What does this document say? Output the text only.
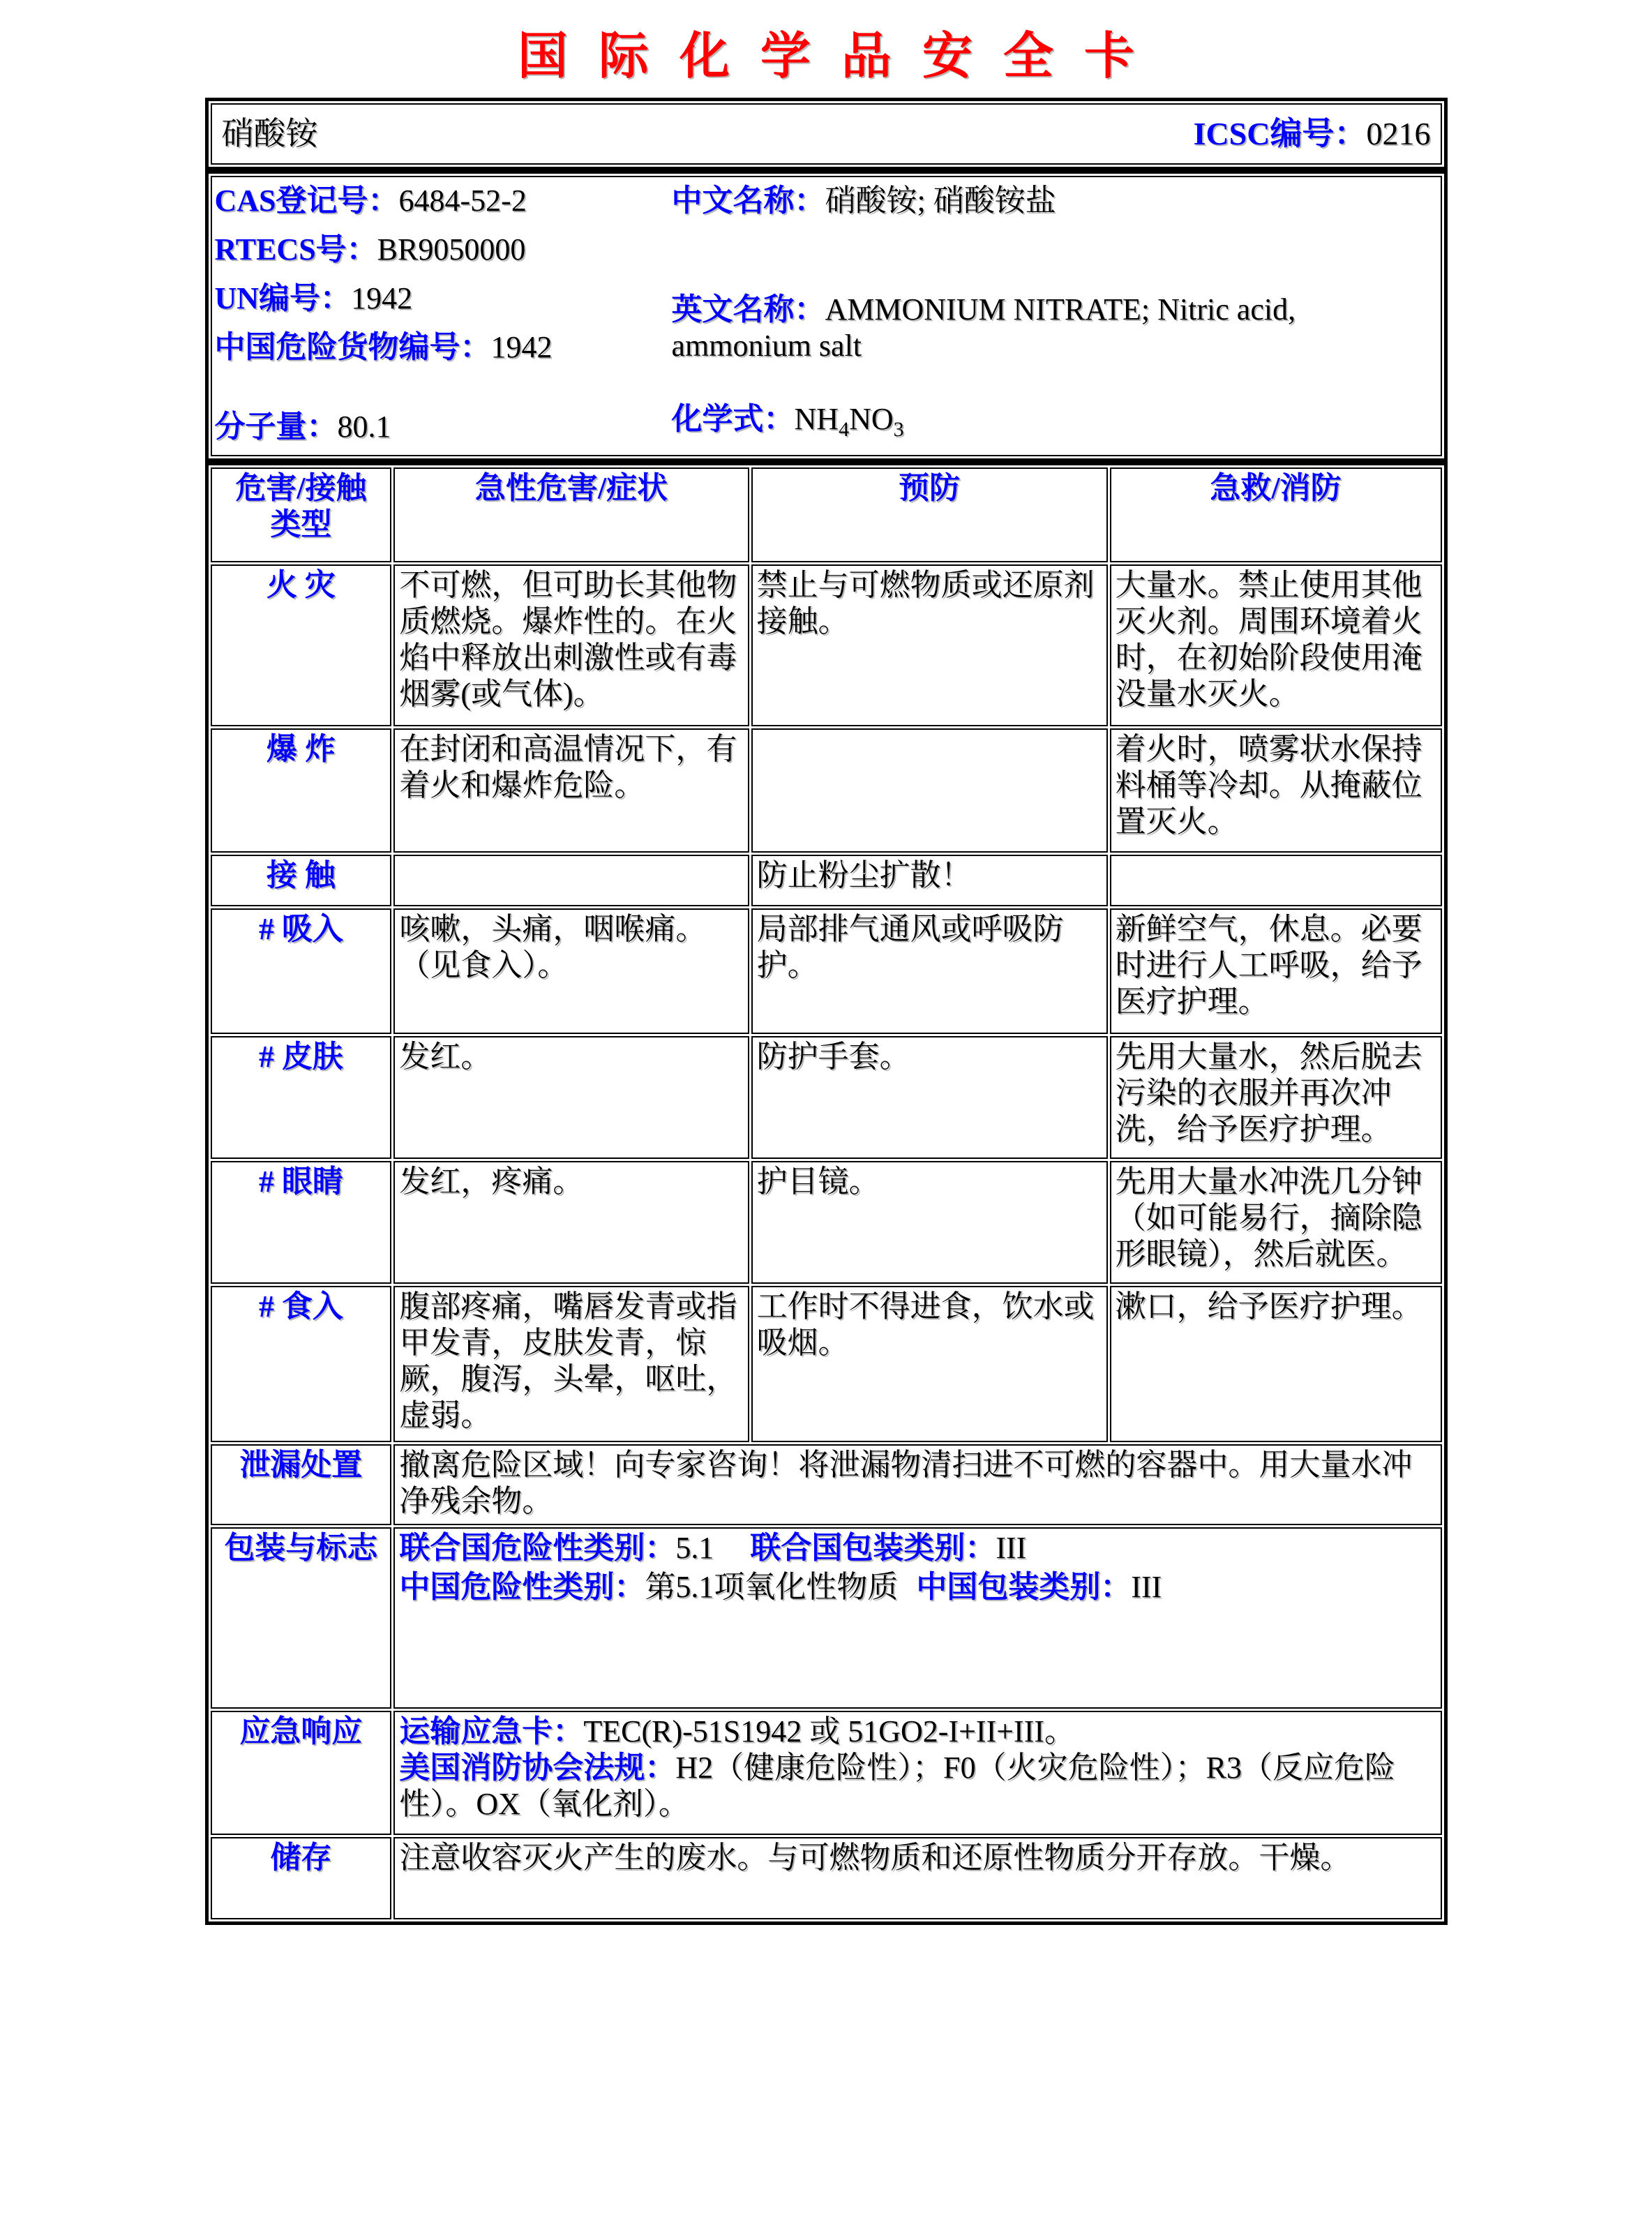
国际化学品安全卡
硝酸铵	ICSC编号：0216
CAS登记号：6484-52-2
RTECS号：BR9050000
UN编号：1942
中国危险货物编号：1942
分子量：80.1
中文名称：硝酸铵; 硝酸铵盐
英文名称：AMMONIUM NITRATE; Nitric acid, ammonium salt
化学式：$NH_4NO_3$
危害/接触
类型	急性危害/症状	预防	急救/消防
火 灾	不可燃，但可助长其他物质燃烧。爆炸性的。在火焰中释放出刺激性或有毒烟雾(或气体)。	禁止与可燃物质或还原剂接触。	大量水。禁止使用其他灭火剂。周围环境着火时，在初始阶段使用淹没量水灭火。
爆 炸	在封闭和高温情况下，有着火和爆炸危险。		着火时，喷雾状水保持料桶等冷却。从掩蔽位置灭火。
接 触		防止粉尘扩散！	
# 吸入	咳嗽，头痛，咽喉痛。（见食入）。	局部排气通风或呼吸防护。	新鲜空气，休息。必要时进行人工呼吸，给予医疗护理。
# 皮肤	发红。	防护手套。	先用大量水，然后脱去污染的衣服并再次冲洗，给予医疗护理。
# 眼睛	发红，疼痛。	护目镜。	先用大量水冲洗几分钟（如可能易行，摘除隐形眼镜），然后就医。
# 食入	腹部疼痛，嘴唇发青或指甲发青，皮肤发青，惊厥，腹泻，头晕，呕吐，虚弱。	工作时不得进食，饮水或吸烟。	漱口，给予医疗护理。
泄漏处置	撤离危险区域！向专家咨询！将泄漏物清扫进不可燃的容器中。用大量水冲净残余物。		
包装与标志	联合国危险性类别：5.1 联合国包装类别：III
中国危险性类别：第5.1项氧化性物质 中国包装类别：III		

应急响应	运输应急卡：TEC(R)-51S1942 或 51GO2-I+II+III。
美国消防协会法规：H2（健康危险性）；F0（火灾危险性）；R3（反应危险性）。OX（氧化剂）。		

储存	注意收容灭火产生的废水。与可燃物质和还原性物质分开存放。干燥。		
